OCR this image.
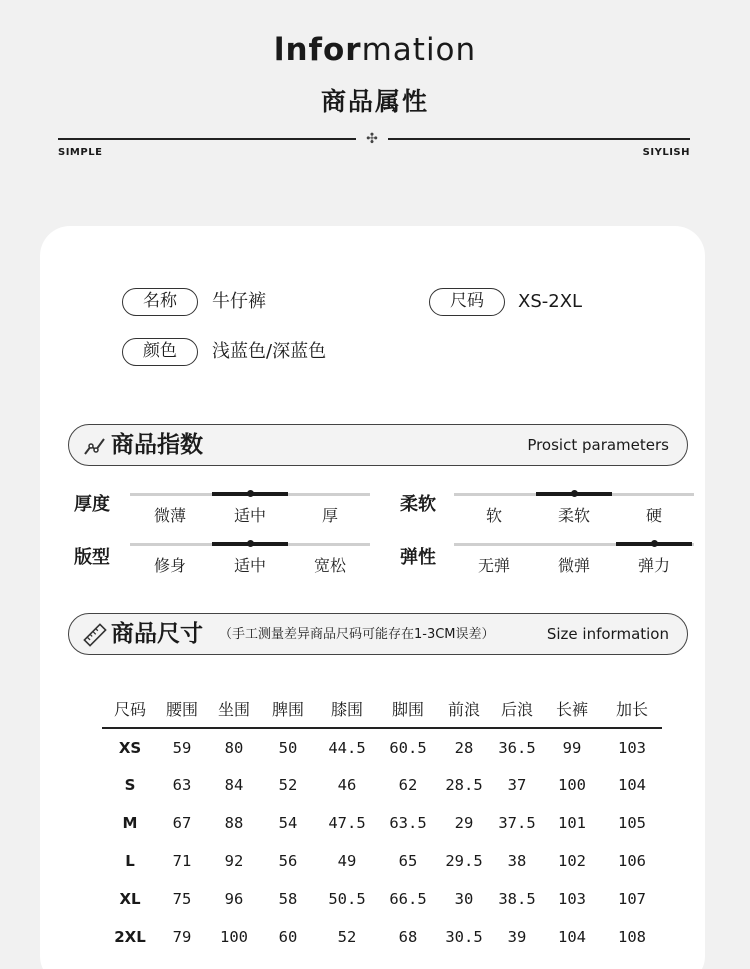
lnformation
商品属性
✣
SIMPLE	SIYLISH
名称	牛仔裤	尺码	XS-2XL
颜色	浅蓝色/深蓝色
商品指数	Prosict parameters
厚度
微薄	适中	厚
柔软
软	柔软	硬
版型	修身	适中	宽松	弹性	无弹	微弹	弹力
商品尺寸 （手工测量差异商品尺码可能存在1-3CM误差）	Size information
尺码	腰围	坐围	脾围	膝围	脚围	前浪	后浪	长裤	加长
XS	59	80	50	44.5	60.5	28	36.5	99	103
S	63	84	52	46	62	28.5	37	100	104
M	67	88	54	47.5	63.5	29	37.5	101	105
L	71	92	56	49	65	29.5	38	102	106
XL	75	96	58	50.5	66.5	30	38.5	103	107
2XL	79	100	60	52	68	30.5	39	104	108
